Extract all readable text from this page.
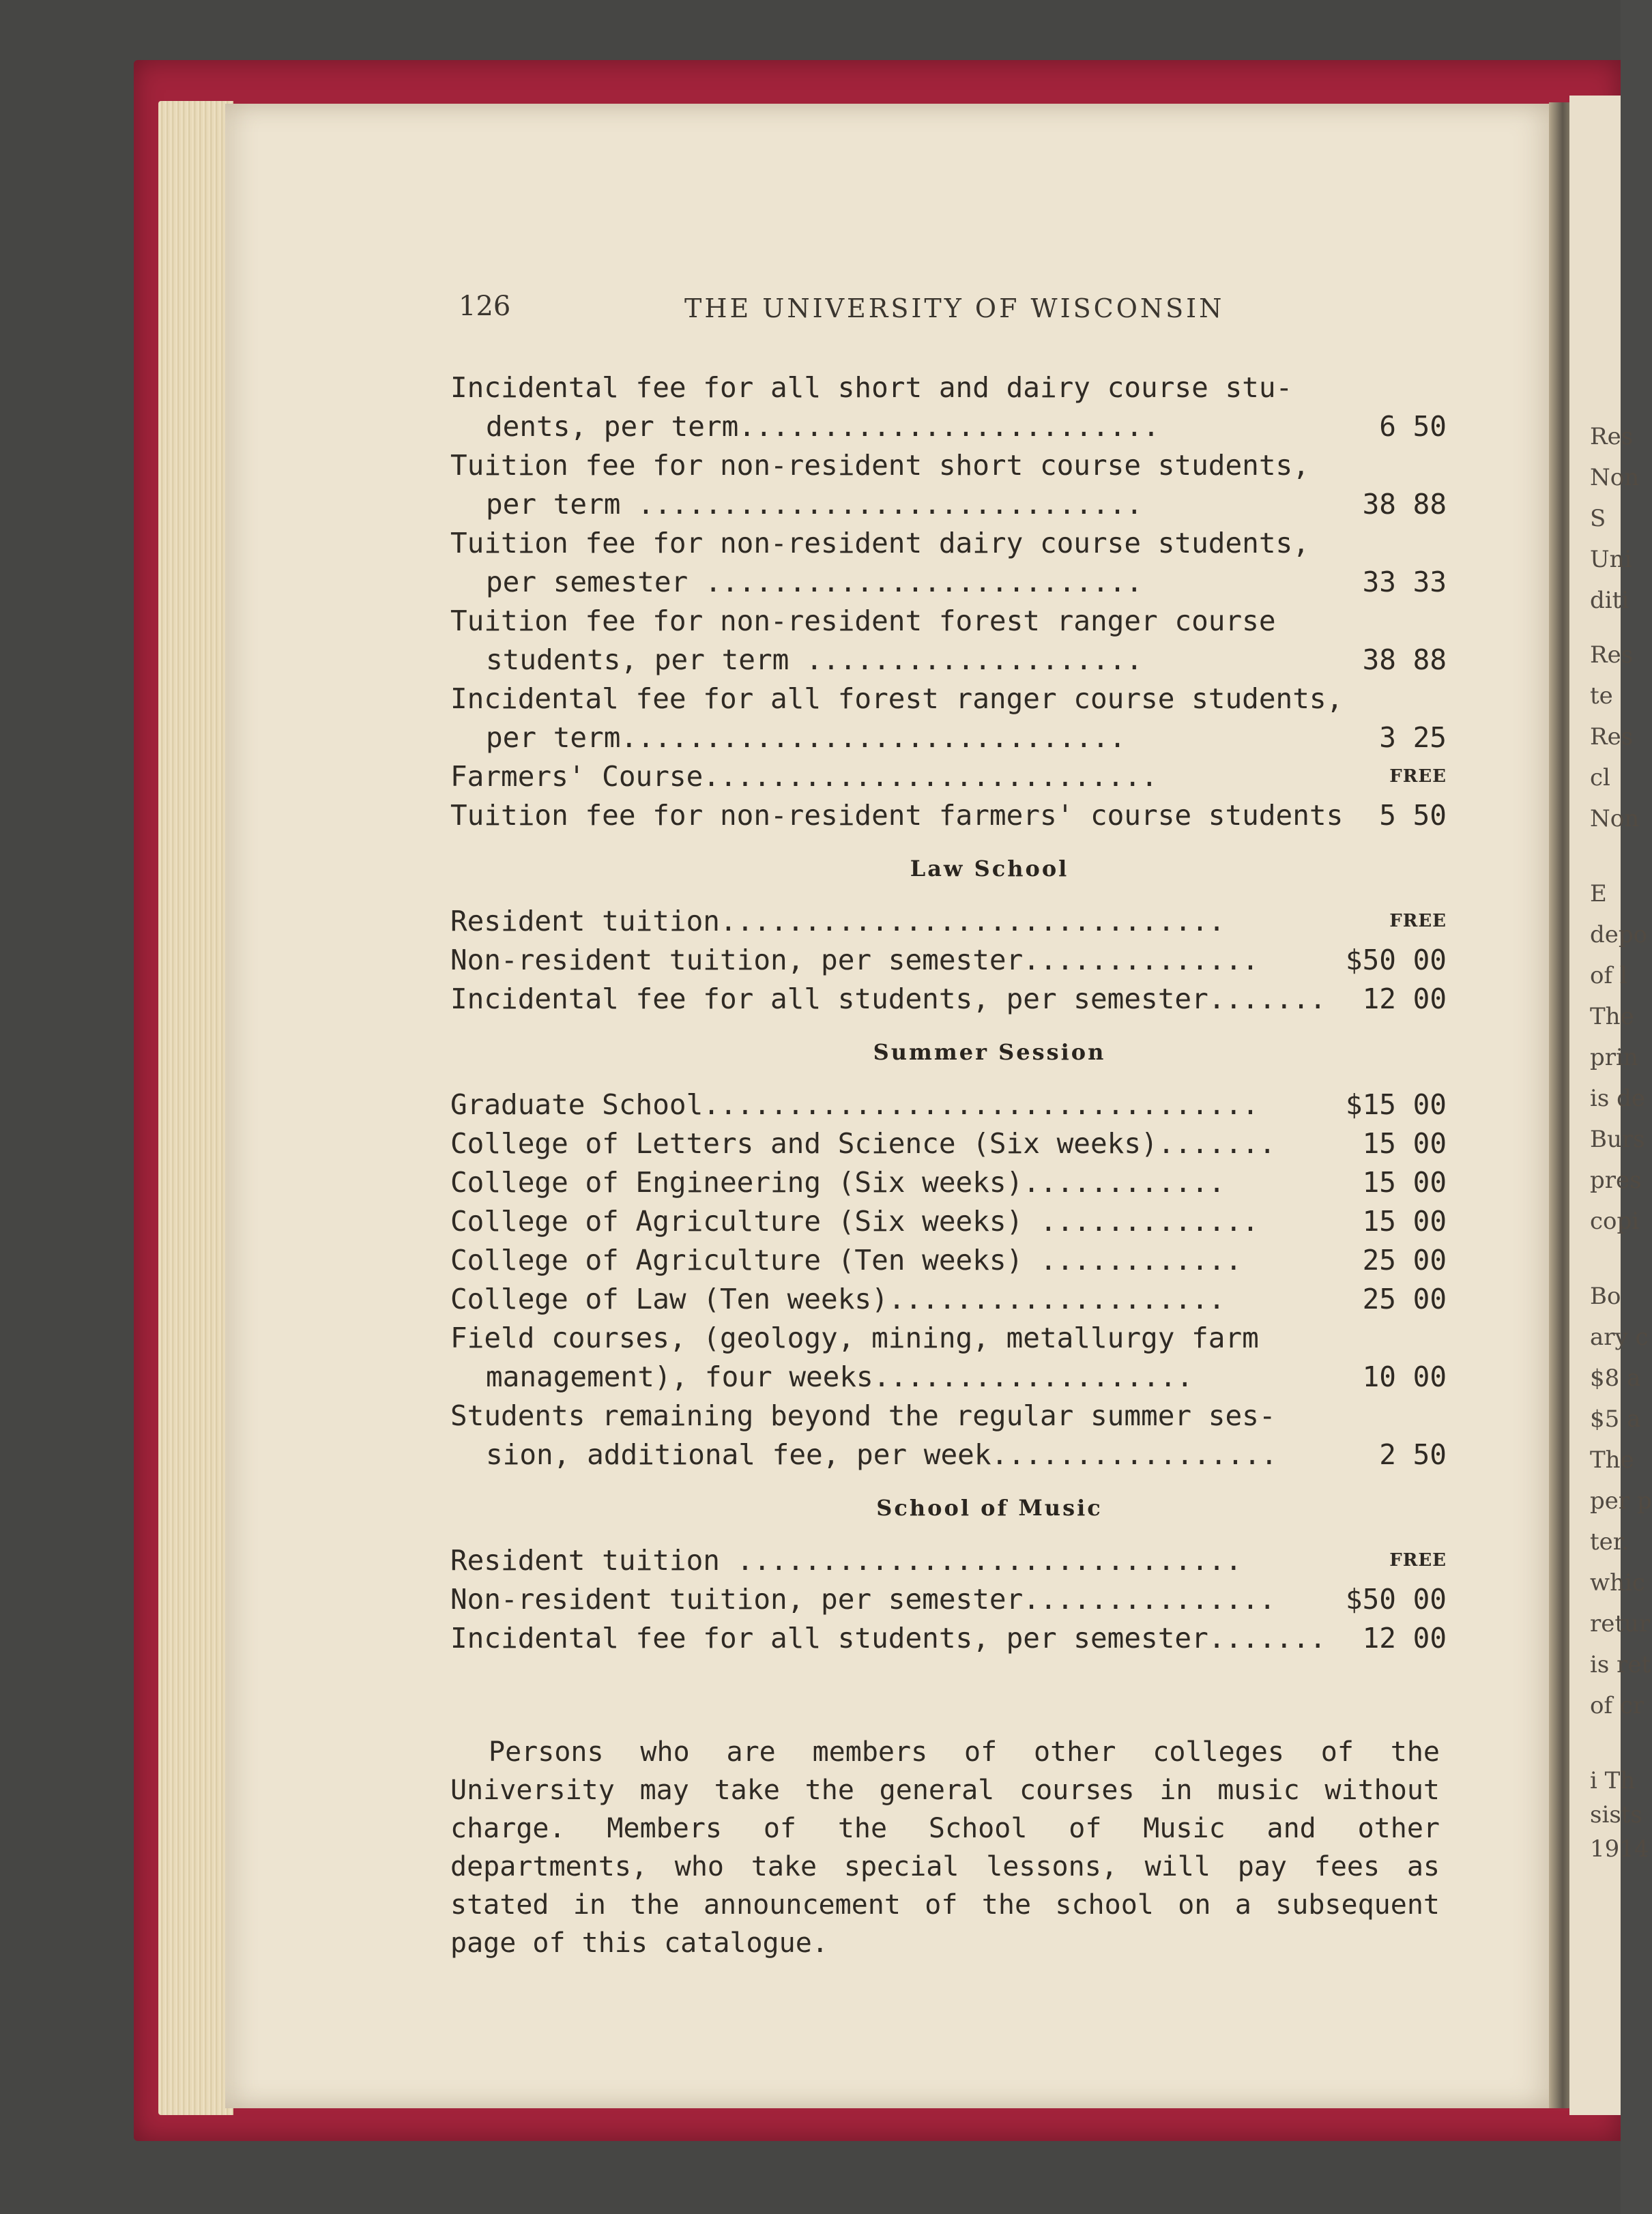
Res
Non
S
Uni
diti
Res
te
Res
cl
Non
E
depo
of l
The
prin
is de
Burs
pres
copi
Bo
ary c
$8 a
$5 a
The
per p
ter.
whic
retur
is ret
of cr
i Th
sists
1914
126	THE UNIVERSITY OF WISCONSIN
Incidental fee for all short and dairy course stu-
dents, per term.........................	6 50
Tuition fee for non-resident short course students,
per term ..............................	38 88
Tuition fee for non-resident dairy course students,
per semester ..........................	33 33
Tuition fee for non-resident forest ranger course
students, per term ....................	38 88
Incidental fee for all forest ranger course students,
per term..............................	3 25
Farmers' Course...........................	FREE
Tuition fee for non-resident farmers' course students	5 50
Law School
Resident tuition..............................	FREE
Non-resident tuition, per semester..............	$50 00
Incidental fee for all students, per semester.......	12 00
Summer Session
Graduate School.................................	$15 00
College of Letters and Science (Six weeks).......	15 00
College of Engineering (Six weeks)............	15 00
College of Agriculture (Six weeks) .............	15 00
College of Agriculture (Ten weeks) ............	25 00
College of Law (Ten weeks)....................	25 00
Field courses, (geology, mining, metallurgy farm
management), four weeks...................	10 00
Students remaining beyond the regular summer ses-
sion, additional fee, per week.................	2 50
School of Music
Resident tuition ..............................	FREE
Non-resident tuition, per semester...............	$50 00
Incidental fee for all students, per semester.......	12 00
Persons who are members of other colleges of the University may take the general courses in music without charge. Members of the School of Music and other departments, who take special lessons, will pay fees as stated in the announcement of the school on a subsequent page of this catalogue.
